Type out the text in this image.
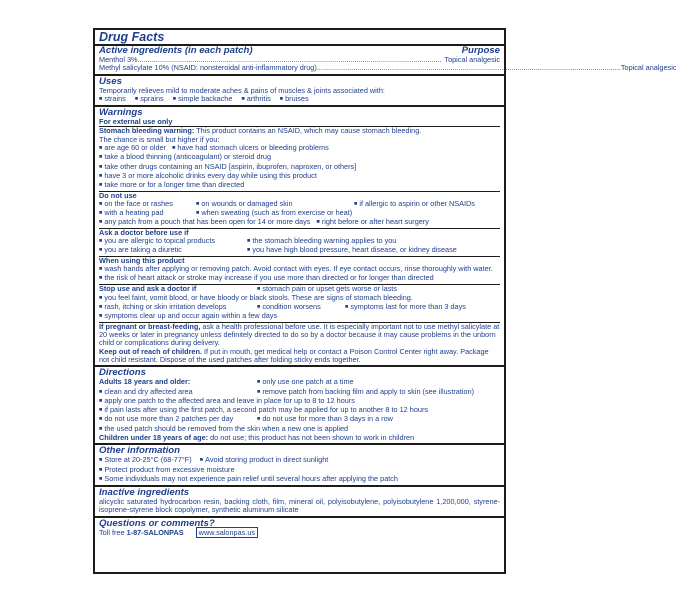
Drug Facts
Active ingredients (in each patch)	Purpose
Menthol 3% ...................................................................................................................................................... Topical analgesic
Methyl salicylate 10% (NSAID: nonsteroidal anti-inflammatory drug) ...................................................................................................................................................... Topical analgesic
Uses
Temporarily relieves mild to moderate aches & pains of muscles & joints associated with:
■ strains ■ sprains ■ simple backache ■ arthritis ■ bruises
Warnings
For external use only
Stomach bleeding warning: This product contains an NSAID, which may cause stomach bleeding.
The chance is small but higher if you:
■ are age 60 or older ■ have had stomach ulcers or bleeding problems
■ take a blood thinning (anticoagulant) or steroid drug
■ take other drugs containing an NSAID [aspirin, ibuprofen, naproxen, or others]
■ have 3 or more alcoholic drinks every day while using this product
■ take more or for a longer time than directed
Do not use
■ on the face or rashes	■ on wounds or damaged skin	■ if allergic to aspirin or other NSAIDs
■ with a heating pad	■ when sweating (such as from exercise or heat)
■ any patch from a pouch that has been open for 14 or more days ■ right before or after heart surgery
Ask a doctor before use if
■ you are allergic to topical products	■ the stomach bleeding warning applies to you
■ you are taking a diuretic	■ you have high blood pressure, heart disease, or kidney disease
When using this product
■ wash hands after applying or removing patch. Avoid contact with eyes. If eye contact occurs, rinse thoroughly with water.
■ the risk of heart attack or stroke may increase if you use more than directed or for longer than directed
Stop use and ask a doctor if	■ stomach pain or upset gets worse or lasts
■ you feel faint, vomit blood, or have bloody or black stools. These are signs of stomach bleeding.
■ rash, itching or skin irritation develops	■ condition worsens	■ symptoms last for more than 3 days
■ symptoms clear up and occur again within a few days
If pregnant or breast-feeding, ask a health professional before use. It is especially important not to use methyl salicylate at 20 weeks or later in pregnancy unless definitely directed to do so by a doctor because it may cause problems in the unborn child or complications during delivery.
Keep out of reach of children. If put in mouth, get medical help or contact a Poison Control Center right away. Package not child resistant. Dispose of the used patches after folding sticky ends together.
Directions
Adults 18 years and older:	■ only use one patch at a time
■ clean and dry affected area	■ remove patch from backing film and apply to skin (see illustration)
■ apply one patch to the affected area and leave in place for up to 8 to 12 hours
■ if pain lasts after using the first patch, a second patch may be applied for up to another 8 to 12 hours
■ do not use more than 2 patches per day	■ do not use for more than 3 days in a row
■ the used patch should be removed from the skin when a new one is applied
Children under 18 years of age: do not use; this product has not been shown to work in children
Other information
■ Store at 20-25°C (68-77°F) ■ Avoid storing product in direct sunlight
■ Protect product from excessive moisture
■ Some individuals may not experience pain relief until several hours after applying the patch
Inactive ingredients
alicyclic saturated hydrocarbon resin, backing cloth, film, mineral oil, polyisobutylene, polyisobutylene 1,200,000, styrene-isoprene-styrene block copolymer, synthetic aluminum silicate
Questions or comments?
Toll free 1-87-SALONPAS www.salonpas.us
